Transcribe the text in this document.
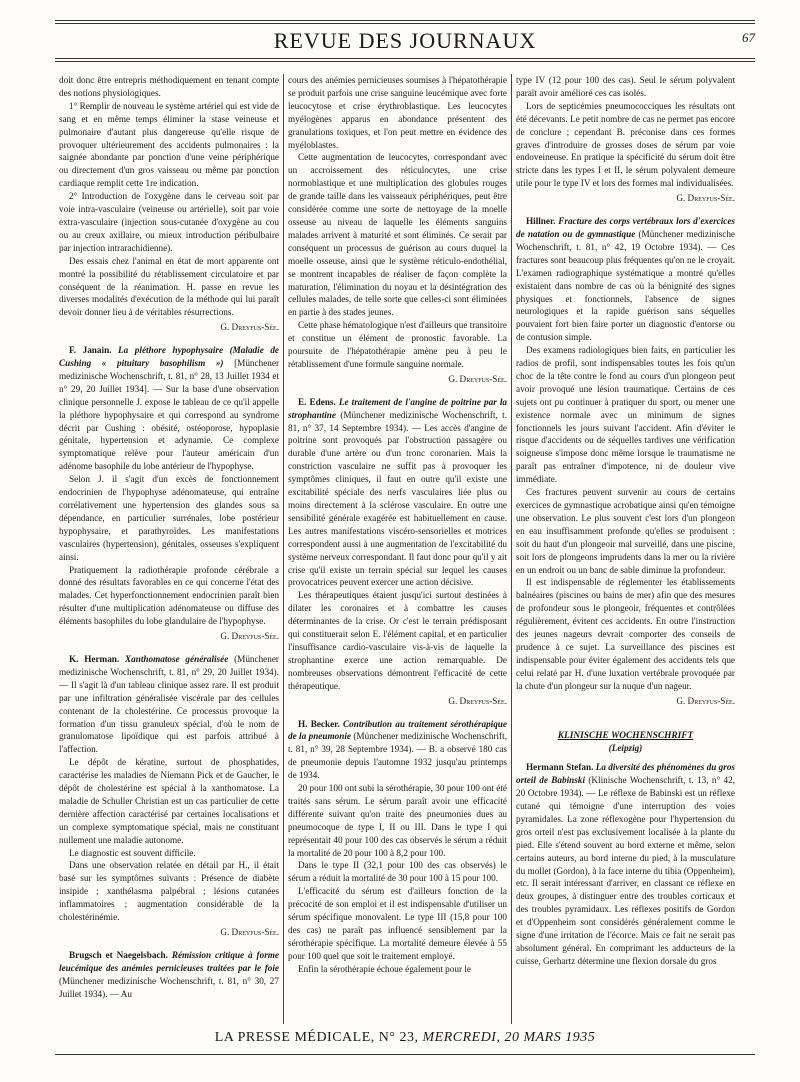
REVUE DES JOURNAUX	67

doit donc être entrepris méthodiquement en tenant compte des notions physiologiques.

1° Remplir de nouveau le système artériel qui est vide de sang et en même temps éliminer la stase veineuse et pulmonaire d'autant plus dangereuse qu'elle risque de provoquer ultérieurement des accidents pulmonaires : la saignée abondante par ponction d'une veine périphérique ou directement d'un gros vaisseau ou même par ponction cardiaque remplit cette 1re indication.

2° Introduction de l'oxygène dans le cerveau soit par voie intra-vasculaire (veineuse ou artérielle), soit par voie extra-vasculaire (injection sous-cutanée d'oxygène au cou ou au creux axillaire, ou mieux introduction péribulbaire par injection intrarachidienne).

Des essais chez l'animal en état de mort apparente ont montré la possibilité du rétablissement circulatoire et par conséquent de la réanimation. H. passe en revue les diverses modalités d'exécution de la méthode qui lui paraît devoir donner lieu à de véritables résurrections.

G. Dreyfus-Sée.

F. Janain. La pléthore hypophysaire (Maladie de Cushing « pituitary basophilism ») [Münchener medizinische Wochenschrift, t. 81, n° 28, 13 Juillet 1934 et n° 29, 20 Juillet 1934]. — Sur la base d'une observation clinique personnelle J. expose le tableau de ce qu'il appelle la pléthore hypophysaire et qui correspond au syndrome décrit par Cushing : obésité, ostéoporose, hypoplasie génitale, hypertension et adynamie. Ce complexe symptomatique relève pour l'auteur américain d'un adénome basophile du lobe antérieur de l'hypophyse.

Selon J. il s'agit d'un excès de fonctionnement endocrinien de l'hypophyse adénomateuse, qui entraîne corrélativement une hypertension des glandes sous sa dépendance, en particulier surrénales, lobe postérieur hypophysaire, et parathyroïdes. Les manifestations vasculaires (hypertension), génitales, osseuses s'expliquent ainsi.

Pratiquement la radiothérapie profonde cérébrale a donné des résultats favorables en ce qui concerne l'état des malades. Cet hyperfonctionnement endocrinien paraît bien résulter d'une multiplication adénomateuse ou diffuse des éléments basophiles du lobe glandulaire de l'hypophyse.

G. Dreyfus-Sée.

K. Herman. Xanthomatose généralisée (Münchener medizinische Wochenschrift, t. 81, n° 29, 20 Juillet 1934). — Il s'agit là d'un tableau clinique assez rare. Il est produit par une infiltration généralisée viscérale par des cellules contenant de la cholestérine. Ce processus provoque la formation d'un tissu granuleux spécial, d'où le nom de granulomatose lipoïdique qui est parfois attribué à l'affection.

Le dépôt de kératine, surtout de phosphatides, caractérise les maladies de Niemann Pick et de Gaucher, le dépôt de cholestérine est spécial à la xanthomatose. La maladie de Schuller Christian est un cas particulier de cette dernière affection caractérisé par certaines localisations et un complexe symptomatique spécial, mais ne constituant nullement une maladie autonome.

Le diagnostic est souvent difficile.

Dans une observation relatée en détail par H., il était basé sur les symptômes suivants : Présence de diabète insipide ; xanthélasma palpébral ; lésions cutanées inflammatoires ; augmentation considérable de la cholestérinémie.

G. Dreyfus-Sée.

Brugsch et Naegelsbach. Rémission critique à forme leucémique des anémies pernicieuses traitées par le foie (Münchener medizinische Wochenschrift, t. 81, n° 30, 27 Juillet 1934). — Au

cours des anémies pernicieuses soumises à l'hépatothérapie se produit parfois une crise sanguine leucémique avec forte leucocytose et crise érythroblastique. Les leucocytes myélogènes apparus en abondance présentent des granulations toxiques, et l'on peut mettre en évidence des myéloblastes.

Cette augmentation de leucocytes, correspondant avec un accroissement des réticulocytes, une crise normoblastique et une multiplication des globules rouges de grande taille dans les vaisseaux périphériques, peut être considérée comme une sorte de nettoyage de la moelle osseuse au niveau de laquelle les éléments sanguins malades arrivent à maturité et sont éliminés. Ce serait par conséquent un processus de guérison au cours duquel la moelle osseuse, ainsi que le système réticulo-endothélial, se montrent incapables de réaliser de façon complète la maturation, l'élimination du noyau et la désintégration des cellules malades, de telle sorte que celles-ci sont éliminées en partie à des stades jeunes.

Cette phase hématologique n'est d'ailleurs que transitoire et constitue un élément de pronostic favorable. La poursuite de l'hépatothérapie amène peu à peu le rétablissement d'une formule sanguine normale.

G. Dreyfus-Sée.

E. Edens. Le traitement de l'angine de poitrine par la strophantine (Münchener medizinische Wochenschrift, t. 81, n° 37, 14 Septembre 1934). — Les accès d'angine de poitrine sont provoqués par l'obstruction passagère ou durable d'une artère ou d'un tronc coronarien. Mais la constriction vasculaire ne suffit pas à provoquer les symptômes cliniques, il faut en outre qu'il existe une excitabilité spéciale des nerfs vasculaires liée plus ou moins directement à la sclérose vasculaire. En outre une sensibilité générale exagérée est habituellement en cause. Les autres manifestations viscéro-sensorielles et motrices correspondent aussi à une augmentation de l'excitabilité du système nerveux correspondant. Il faut donc pour qu'il y ait crise qu'il existe un terrain spécial sur lequel les causes provocatrices peuvent exercer une action décisive.

Les thérapeutiques étaient jusqu'ici surtout destinées à dilater les coronaires et à combattre les causes déterminantes de la crise. Or c'est le terrain prédisposant qui constituerait selon E. l'élément capital, et en particulier l'insuffisance cardio-vasculaire vis-à-vis de laquelle la strophantine exerce une action remarquable. De nombreuses observations démontrent l'efficacité de cette thérapeutique.

G. Dreyfus-Sée.

H. Becker. Contribution au traitement sérothérapique de la pneumonie (Münchener medizinische Wochenschrift, t. 81, n° 39, 28 Septembre 1934). — B. a observé 180 cas de pneumonie depuis l'automne 1932 jusqu'au printemps de 1934.

20 pour 100 ont subi la sérothérapie, 30 pour 100 ont été traités sans sérum. Le sérum paraît avoir une efficacité différente suivant qu'on traite des pneumonies dues au pneumocoque de type I, II ou III. Dans le type I qui représentait 40 pour 100 des cas observés le sérum a réduit la mortalité de 20 pour 100 à 8,2 pour 100.

Dans le type II (32,1 pour 100 des cas observés) le sérum a réduit la mortalité de 30 pour 100 à 15 pour 100.

L'efficacité du sérum est d'ailleurs fonction de la précocité de son emploi et il est indispensable d'utiliser un sérum spécifique monovalent. Le type III (15,8 pour 100 des cas) ne paraît pas influencé sensiblement par la sérothérapie spécifique. La mortalité demeure élevée à 55 pour 100 quel que soit le traitement employé.

Enfin la sérothérapie échoue également pour le

type IV (12 pour 100 des cas). Seul le sérum polyvalent paraît avoir amélioré ces cas isolés.

Lors de septicémies pneumococciques les résultats ont été décevants. Le petit nombre de cas ne permet pas encore de conclure ; cependant B. préconise dans ces formes graves d'introduire de grosses doses de sérum par voie endoveineuse. En pratique la spécificité du sérum doit être stricte dans les types I et II, le sérum polyvalent demeure utile pour le type IV et lors des formes mal individualisées.

G. Dreyfus-Sée.

Hillner. Fracture des corps vertébraux lors d'exercices de natation ou de gymnastique (Münchener medizinische Wochenschrift, t. 81, n° 42, 19 Octobre 1934). — Ces fractures sont beaucoup plus fréquentes qu'on ne le croyait. L'examen radiographique systématique a montré qu'elles existaient dans nombre de cas où la bénignité des signes physiques et fonctionnels, l'absence de signes neurologiques et la rapide guérison sans séquelles pouvaient fort bien faire porter un diagnostic d'entorse ou de contusion simple.

Des examens radiologiques bien faits, en particulier les radios de profil, sont indispensables toutes les fois qu'un choc de la tête contre le fond au cours d'un plongeon peut avoir provoqué une lésion traumatique. Certains de ces sujets ont pu continuer à pratiquer du sport, ou mener une existence normale avec un minimum de signes fonctionnels les jours suivant l'accident. Afin d'éviter le risque d'accidents ou de séquelles tardives une vérification soigneuse s'impose donc même lorsque le traumatisme ne paraît pas entraîner d'impotence, ni de douleur vive immédiate.

Ces fractures peuvent survenir au cours de certains exercices de gymnastique acrobatique ainsi qu'en témoigne une observation. Le plus souvent c'est lors d'un plongeon en eau insuffisamment profonde qu'elles se produisent : soit du haut d'un plongeoir mal surveillé, dans une piscine, soit lors de plongeons imprudents dans la mer ou la rivière en un endroit ou un banc de sable diminue la profondeur.

Il est indispensable de réglementer les établissements balnéaires (piscines ou bains de mer) afin que des mesures de profondeur sous le plongeoir, fréquentes et contrôlées régulièrement, évitent ces accidents. En outre l'instruction des jeunes nageurs devrait comporter des conseils de prudence à ce sujet. La surveillance des piscines est indispensable pour éviter également des accidents tels que celui relaté par H. d'une luxation vertébrale provoquée par la chute d'un plongeur sur la nuque d'un nageur.

G. Dreyfus-Sée.
KLINISCHE WOCHENSCHRIFT
(Leipzig)

Hermann Stefan. La diversité des phénomènes du gros orteil de Babinski (Klinische Wochenschrift, t. 13, n° 42, 20 Octobre 1934). — Le réflexe de Babinski est un réflexe cutané qui témoigne d'une interruption des voies pyramidales. La zone réflexogène pour l'hypertension du gros orteil n'est pas exclusivement localisée à la plante du pied. Elle s'étend souvent au bord externe et même, selon certains auteurs, au bord interne du pied, à la musculature du mollet (Gordon), à la face interne du tibia (Oppenheim), etc. Il serait intéressant d'arriver, en classant ce réflexe en deux groupes, à distinguer entre des troubles corticaux et des troubles pyramidaux. Les réflexes positifs de Gordon et d'Oppenheim sont considérés généralement comme le signe d'une irritation de l'écorce. Mais ce fait ne serait pas absolument général. En comprimant les adducteurs de la cuisse, Gerhartz détermine une flexion dorsale du gros

LA PRESSE MÉDICALE, N° 23, MERCREDI, 20 MARS 1935
